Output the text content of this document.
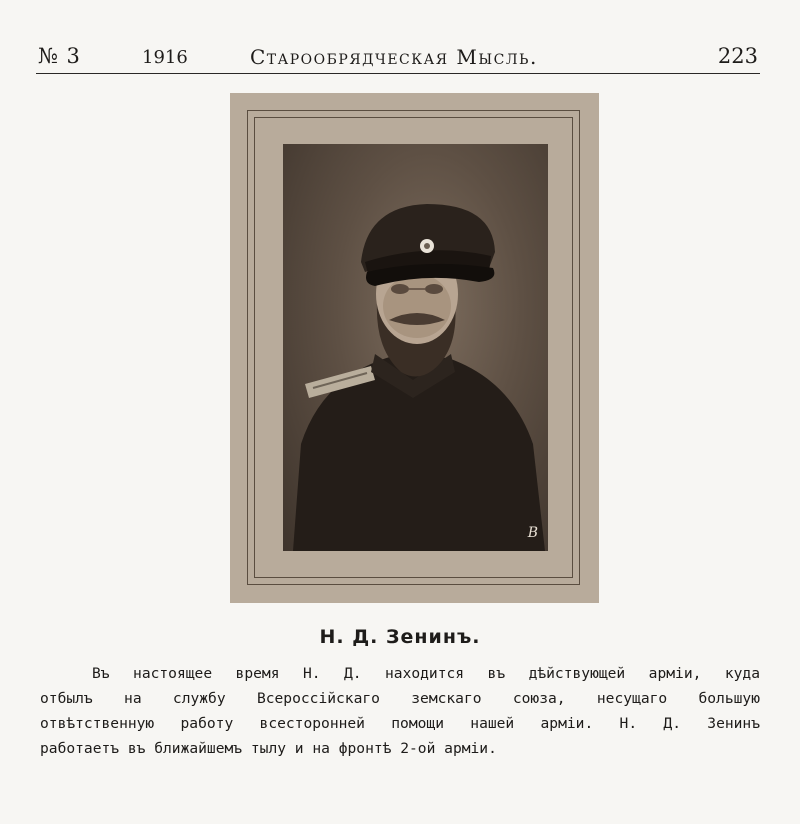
№ 3	1916	Старообрядческая Мысль.	223
В
Н. Д. Зенинъ.
Въ настоящее время Н. Д. находится въ дѣйствующей арміи, куда
отбылъ на службу Всероссійскаго земскаго союза, несущаго большую
отвѣтственную работу всесторонней помощи нашей арміи. Н. Д. Зенинъ
работаетъ въ ближайшемъ тылу и на фронтѣ 2-ой арміи.
